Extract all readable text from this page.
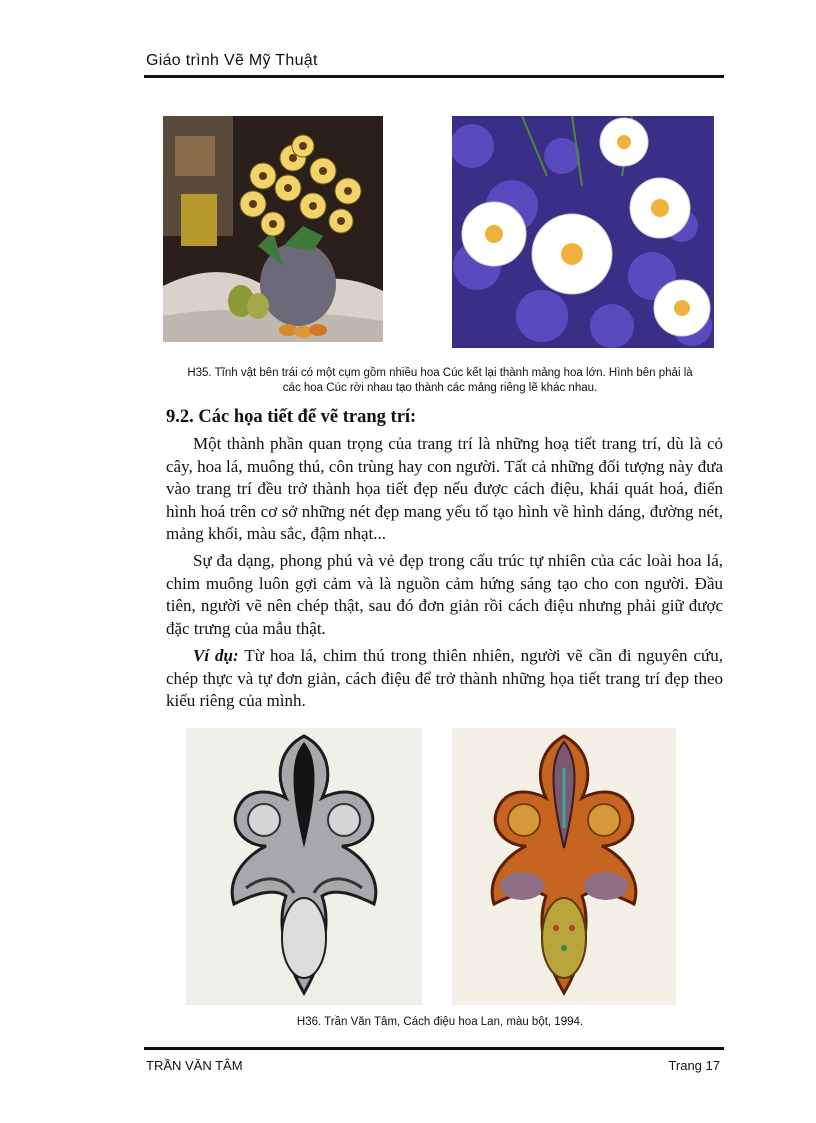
Giáo trình Vẽ Mỹ Thuật
H35. Tĩnh vật bên trái có một cụm gồm nhiều hoa Cúc kết lại thành mảng hoa lớn. Hình bên phải là
các hoa Cúc rời nhau tạo thành các mảng riêng lẽ khác nhau.
9.2. Các họa tiết để vẽ trang trí:

Một thành phần quan trọng của trang trí là những hoạ tiết trang trí, dù là cỏ cây, hoa lá, muông thú, côn trùng hay con người. Tất cả những đối tượng này đưa vào trang trí đều trở thành họa tiết đẹp nếu được cách điệu, khái quát hoá, điển hình hoá trên cơ sở những nét đẹp mang yếu tố tạo hình về hình dáng, đường nét, mảng khối, màu sắc, đậm nhạt...

Sự đa dạng, phong phú và vẻ đẹp trong cấu trúc tự nhiên của các loài hoa lá, chim muông luôn gợi cảm và là nguồn cảm hứng sáng tạo cho con người. Đầu tiên, người vẽ nên chép thật, sau đó đơn giản rồi cách điệu nhưng phải giữ được đặc trưng của mẫu thật.

Ví dụ: Từ hoa lá, chim thú trong thiên nhiên, người vẽ cần đi nguyên cứu, chép thực và tự đơn giản, cách điệu để trở thành những họa tiết trang trí đẹp theo kiểu riêng của mình.

H36. Trần Văn Tâm, Cách điệu hoa Lan, màu bột, 1994.
TRẦN VĂN TÂM	Trang 17
